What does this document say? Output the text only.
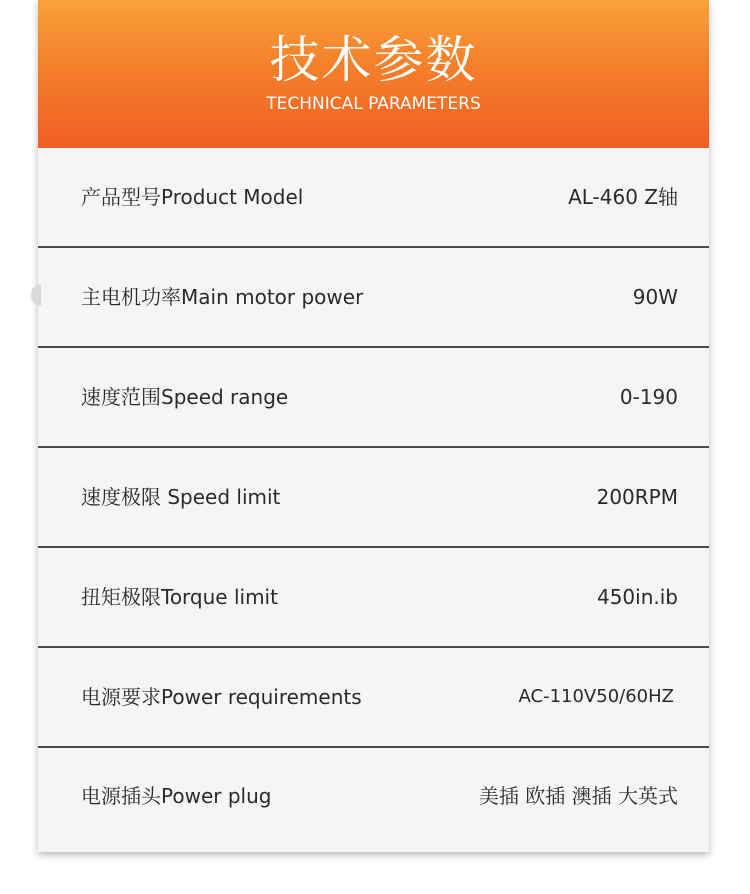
技术参数
TECHNICAL PARAMETERS
产品型号Product Model	AL-460 Z轴
主电机功率Main motor power	90W
速度范围Speed range	0-190
速度极限 Speed limit	200RPM
扭矩极限Torque limit	450in.ib
电源要求Power requirements	AC-110V50/60HZ
电源插头Power plug	美插 欧插 澳插 大英式
